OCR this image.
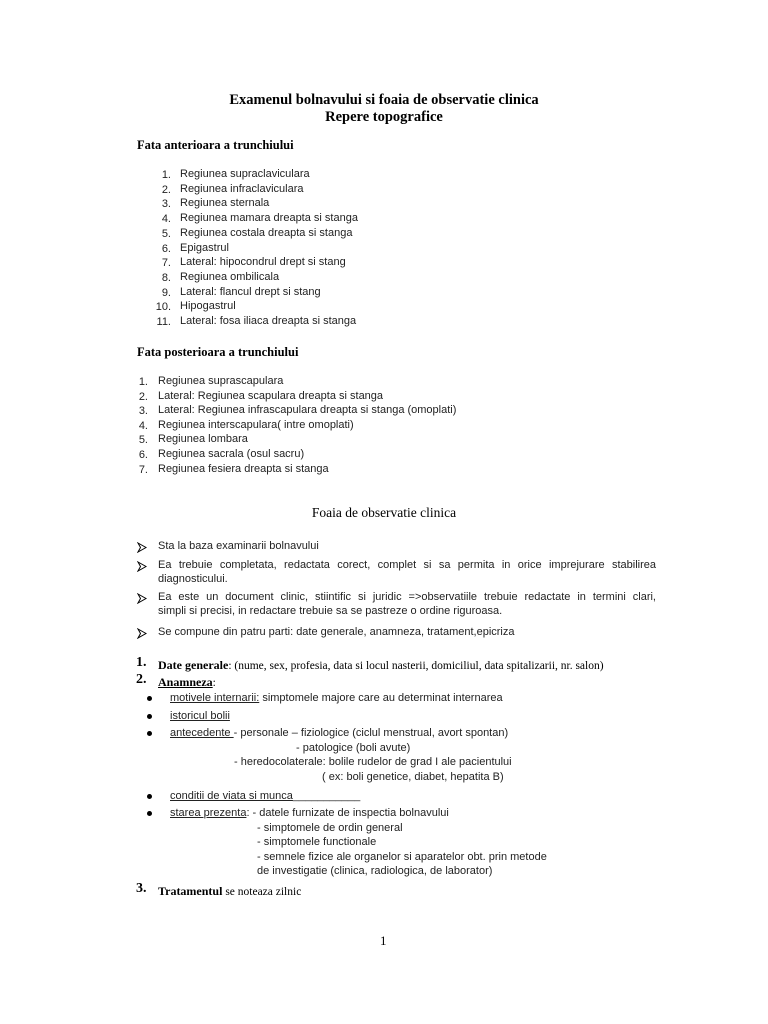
Examenul bolnavului si foaia de observatie clinica
Repere topografice
Fata anterioara a trunchiului
1. Regiunea supraclaviculara
2. Regiunea infraclaviculara
3. Regiunea sternala
4. Regiunea mamara dreapta si stanga
5. Regiunea costala dreapta si stanga
6. Epigastrul
7. Lateral: hipocondrul drept si stang
8. Regiunea ombilicala
9. Lateral: flancul drept si stang
10. Hipogastrul
11. Lateral: fosa iliaca dreapta si stanga
Fata posterioara a trunchiului
1. Regiunea suprascapulara
2. Lateral: Regiunea scapulara dreapta si stanga
3. Lateral: Regiunea infrascapulara dreapta si stanga (omoplati)
4. Regiunea interscapulara( intre omoplati)
5. Regiunea lombara
6. Regiunea sacrala (osul sacru)
7. Regiunea fesiera dreapta si stanga
Foaia de observatie clinica
Sta la baza examinarii bolnavului
Ea trebuie completata, redactata corect, complet si sa permita in orice imprejurare stabilirea
diagnosticului.
Ea este un document clinic, stiintific si juridic =>observatiile trebuie redactate in termini clari,
simpli si precisi, in redactare trebuie sa se pastreze o ordine riguroasa.
Se compune din patru parti: date generale, anamneza, tratament,epicriza
1. Date generale: (nume, sex, profesia, data si locul nasterii, domiciliul, data spitalizarii, nr. salon)
2. Anamneza:
motivele internarii: simptomele majore care au determinat internarea
istoricul bolii
antecedente - personale – fiziologice (ciclul menstrual, avort spontan)
- patologice (boli avute)
- heredocolaterale: bolile rudelor de grad I ale pacientului
( ex: boli genetice, diabet, hepatita B)
conditii de viata si munca___________
starea prezenta: - datele furnizate de inspectia bolnavului
- simptomele de ordin general
- simptomele functionale
- semnele fizice ale organelor si aparatelor obt. prin metode
de investigatie (clinica, radiologica, de laborator)
3. Tratamentul se noteaza zilnic
1
